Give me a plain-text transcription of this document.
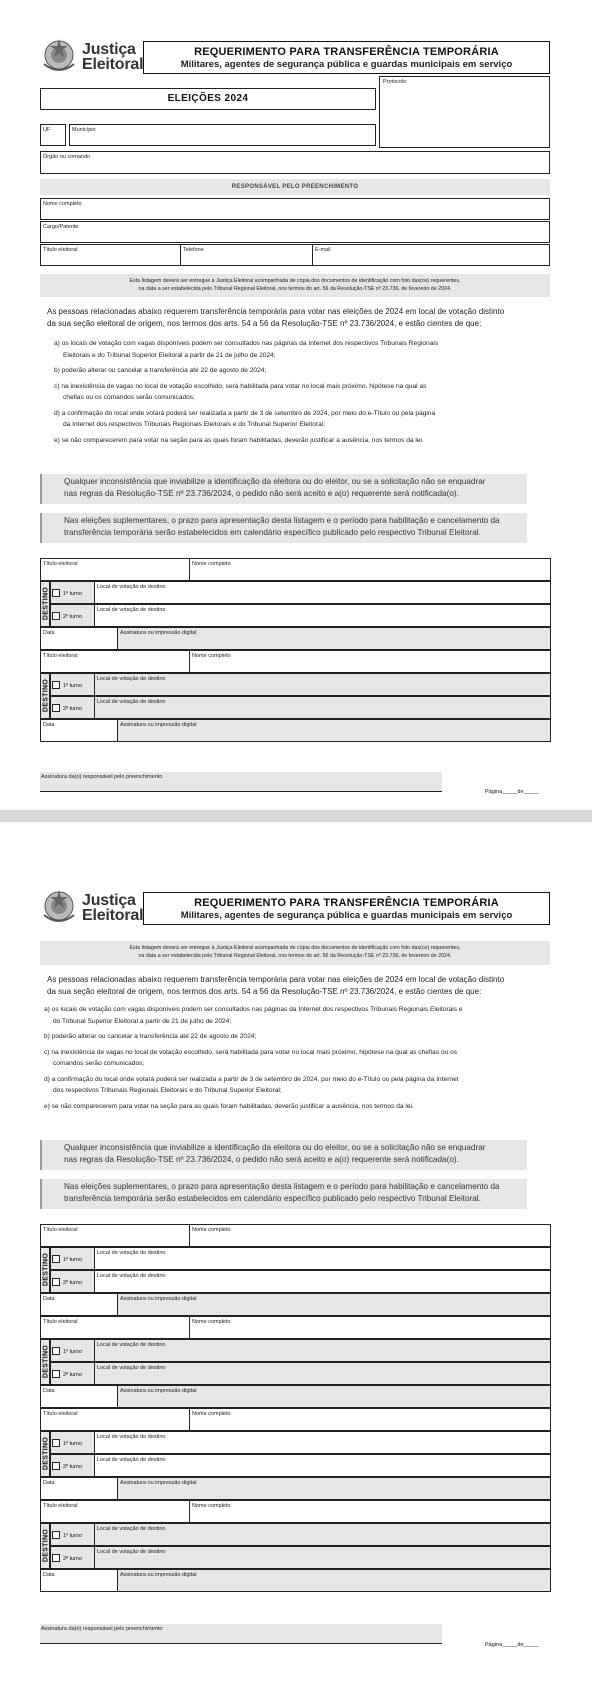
Justiça
Eleitoral
REQUERIMENTO PARA TRANSFERÊNCIA TEMPORÁRIA
Militares, agentes de segurança pública e guardas municipais em serviço
Protocolo
ELEIÇÕES 2024
UF	Município
Órgão ou comando
RESPONSÁVEL PELO PREENCHIMENTO
Nome completo
Cargo/Patente
Título eleitoral	Telefone	E-mail
Esta listagem deverá ser entregue à Justiça Eleitoral acompanhada de cópia dos documentos de identificação com foto das(os) requerentes,
na data a ser estabelecida pelo Tribunal Regional Eleitoral, nos termos do art. 56 da Resolução-TSE nº 23.736, de fevereiro de 2024.
As pessoas relacionadas abaixo requerem transferência temporária para votar nas eleições de 2024 em local de votação distinto
da sua seção eleitoral de origem, nos termos dos arts. 54 a 56 da Resolução-TSE nº 23.736/2024, e estão cientes de que:
a) os locais de votação com vagas disponíveis podem ser consultados nas páginas da Internet dos respectivos Tribunais Regionais
Eleitorais e do Tribunal Superior Eleitoral a partir de 21 de julho de 2024;
b) poderão alterar ou cancelar a transferência até 22 de agosto de 2024;
c) na inexistência de vagas no local de votação escolhido, será habilitada para votar no local mais próximo, hipótese na qual as
chefias ou os comandos serão comunicados;
d) a confirmação do local onde votará poderá ser realizada a partir de 3 de setembro de 2024, por meio do e-Título ou pela página
da Internet dos respectivos Tribunais Regionais Eleitorais e do Tribunal Superior Eleitoral;
e) se não comparecerem para votar na seção para as quais foram habilitadas, deverão justificar a ausência, nos termos da lei.
Qualquer inconsistência que inviabilize a identificação da eleitora ou do eleitor, ou se a solicitação não se enquadrar
nas regras da Resolução-TSE nº 23.736/2024, o pedido não será aceito e a(o) requerente será notificada(o).
Nas eleições suplementares, o prazo para apresentação desta listagem e o período para habilitação e cancelamento da
transferência temporária serão estabelecidos em calendário específico publicado pelo respectivo Tribunal Eleitoral.
Título eleitoral	Nome completo
DESTINO 1º turno
Local de votação de destino
2º turno
Local de votação de destino
Data	Assinatura ou impressão digital
Título eleitoral	Nome completo
DESTINO 1º turno
Local de votação de destino
2º turno
Local de votação de destino
Data	Assinatura ou impressão digital
Assinatura da(o) responsável pelo preenchimento
Página_____de_____
Justiça
Eleitoral
REQUERIMENTO PARA TRANSFERÊNCIA TEMPORÁRIA
Militares, agentes de segurança pública e guardas municipais em serviço
Esta listagem deverá ser entregue à Justiça Eleitoral acompanhada de cópia dos documentos de identificação com foto das(os) requerentes,
na data a ser estabelecida pelo Tribunal Regional Eleitoral, nos termos do art. 56 da Resolução-TSE nº 23.736, de fevereiro de 2024.
As pessoas relacionadas abaixo requerem transferência temporária para votar nas eleições de 2024 em local de votação distinto
da sua seção eleitoral de origem, nos termos dos arts. 54 a 56 da Resolução-TSE nº 23.736/2024, e estão cientes de que:
a) os locais de votação com vagas disponíveis podem ser consultados nas páginas da Internet dos respectivos Tribunais Regionais Eleitorais e
do Tribunal Superior Eleitoral a partir de 21 de julho de 2024;
b) poderão alterar ou cancelar a transferência até 22 de agosto de 2024;
c) na inexistência de vagas no local de votação escolhido, será habilitada para votar no local mais próximo, hipótese na qual as chefias ou os
comandos serão comunicados;
d) a confirmação do local onde votará poderá ser realizada a partir de 3 de setembro de 2024, por meio do e-Título ou pela página da Internet
dos respectivos Tribunais Regionais Eleitorais e do Tribunal Superior Eleitoral;
e) se não comparecerem para votar na seção para as quais foram habilitadas, deverão justificar a ausência, nos termos da lei.
Qualquer inconsistência que inviabilize a identificação da eleitora ou do eleitor, ou se a solicitação não se enquadrar
nas regras da Resolução-TSE nº 23.736/2024, o pedido não será aceito e a(o) requerente será notificada(o).
Nas eleições suplementares, o prazo para apresentação desta listagem e o período para habilitação e cancelamento da
transferência temporária serão estabelecidos em calendário específico publicado pelo respectivo Tribunal Eleitoral.
Título eleitoral	Nome completo
DESTINO 1º turno
Local de votação de destino
2º turno
Local de votação de destino
Data	Assinatura ou impressão digital
Título eleitoral	Nome completo
DESTINO 1º turno
Local de votação de destino
2º turno
Local de votação de destino
Data	Assinatura ou impressão digital
Título eleitoral	Nome completo
DESTINO 1º turno
Local de votação de destino
2º turno
Local de votação de destino
Data	Assinatura ou impressão digital
Título eleitoral	Nome completo
DESTINO 1º turno
Local de votação de destino
2º turno
Local de votação de destino
Data	Assinatura ou impressão digital
Assinatura da(o) responsável pelo preenchimento
Página_____de_____
